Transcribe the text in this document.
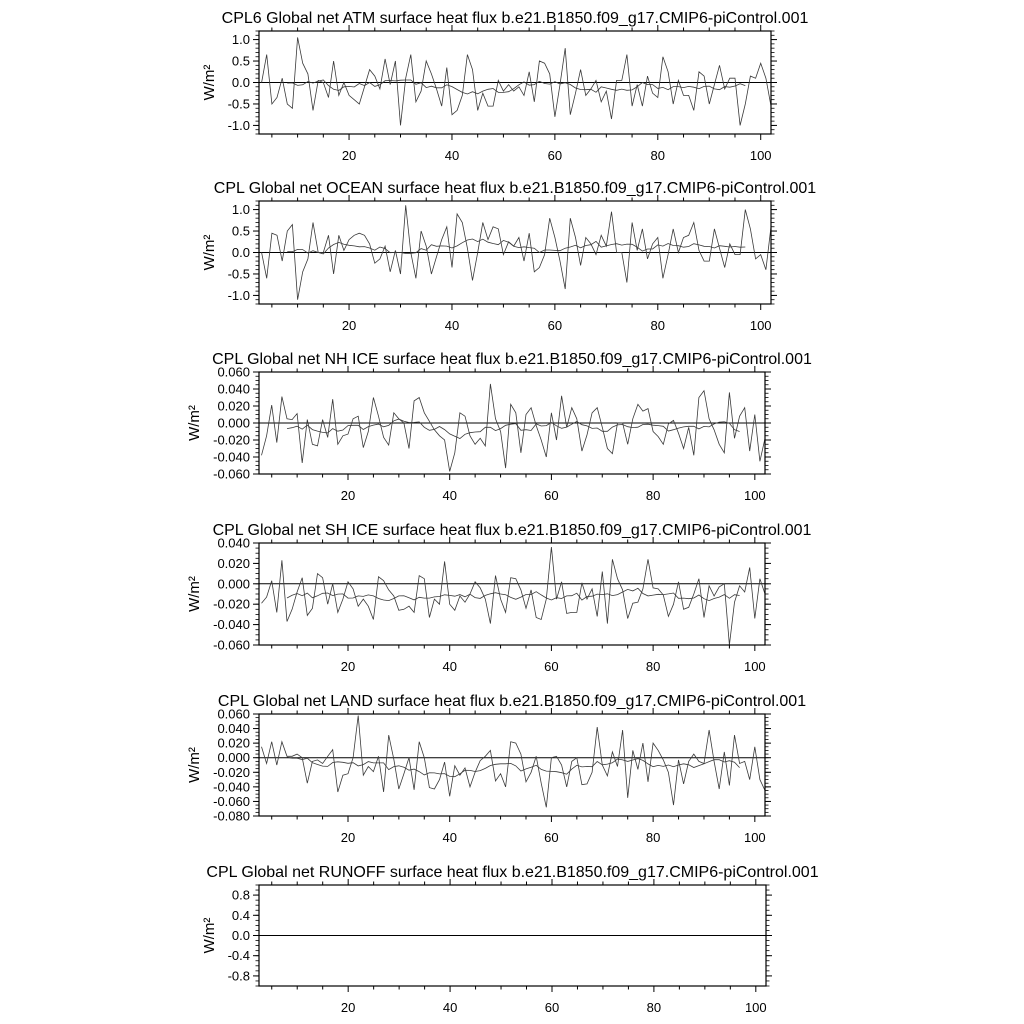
CPL6 Global net ATM surface heat flux b.e21.B1850.f09_g17.CMIP6-piControl.001
20	40	60	80	100
1.0
0.5
0.0
-0.5
-1.0
W/m²
CPL Global net OCEAN surface heat flux b.e21.B1850.f09_g17.CMIP6-piControl.001
20	40	60	80	100
1.0
0.5
0.0
-0.5
-1.0
W/m²
CPL Global net NH ICE surface heat flux b.e21.B1850.f09_g17.CMIP6-piControl.001
20	40	60	80	100
0.060
0.040
0.020
0.000
-0.020
-0.040
-0.060
W/m²
CPL Global net SH ICE surface heat flux b.e21.B1850.f09_g17.CMIP6-piControl.001
20	40	60	80	100
0.040
0.020
0.000
-0.020
-0.040
-0.060
W/m²
CPL Global net LAND surface heat flux b.e21.B1850.f09_g17.CMIP6-piControl.001
20	40	60	80	100
0.060
0.040
0.020
0.000
-0.020
-0.040
-0.060
-0.080
W/m²
CPL Global net RUNOFF surface heat flux b.e21.B1850.f09_g17.CMIP6-piControl.001
20	40	60	80	100
0.8
0.4
0.0
-0.4
-0.8
W/m²
